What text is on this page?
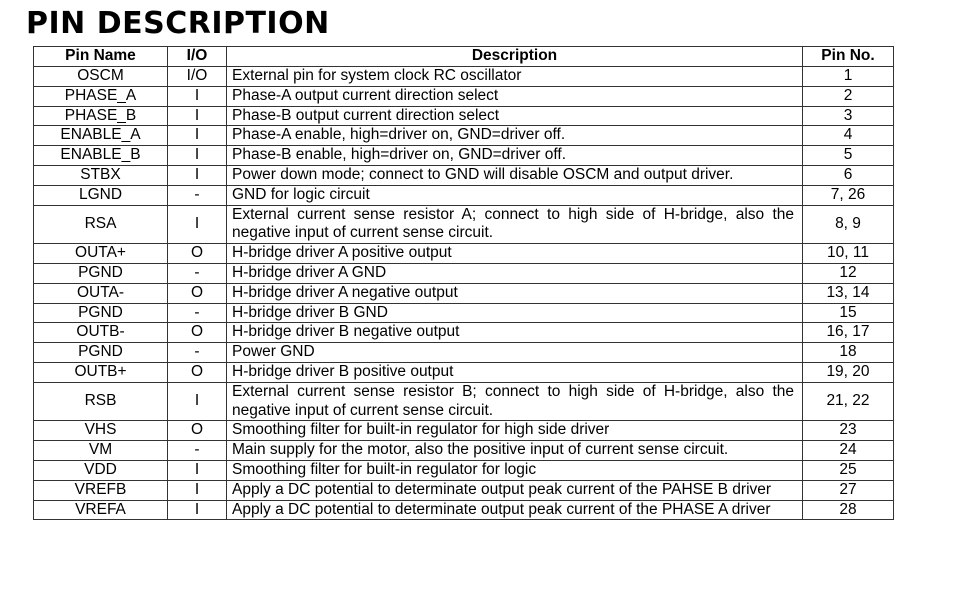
PIN DESCRIPTION
Pin Name	I/O	Description	Pin No.
OSCM	I/O	External pin for system clock RC oscillator	1
PHASE_A	I	Phase-A output current direction select	2
PHASE_B	I	Phase-B output current direction select	3
ENABLE_A	I	Phase-A enable, high=driver on, GND=driver off.	4
ENABLE_B	I	Phase-B enable, high=driver on, GND=driver off.	5
STBX	I	Power down mode; connect to GND will disable OSCM and output driver.	6
LGND	-	GND for logic circuit	7, 26
RSA	I	External current sense resistor A; connect to high side of H-bridge, also the negative input of current sense circuit.	8, 9
OUTA+	O	H-bridge driver A positive output	10, 11
PGND	-	H-bridge driver A GND	12
OUTA-	O	H-bridge driver A negative output	13, 14
PGND	-	H-bridge driver B GND	15
OUTB-	O	H-bridge driver B negative output	16, 17
PGND	-	Power GND	18
OUTB+	O	H-bridge driver B positive output	19, 20
RSB	I	External current sense resistor B; connect to high side of H-bridge, also the negative input of current sense circuit.	21, 22
VHS	O	Smoothing filter for built-in regulator for high side driver	23
VM	-	Main supply for the motor, also the positive input of current sense circuit.	24
VDD	I	Smoothing filter for built-in regulator for logic	25
VREFB	I	Apply a DC potential to determinate output peak current of the PAHSE B driver	27
VREFA	I	Apply a DC potential to determinate output peak current of the PHASE A driver	28
